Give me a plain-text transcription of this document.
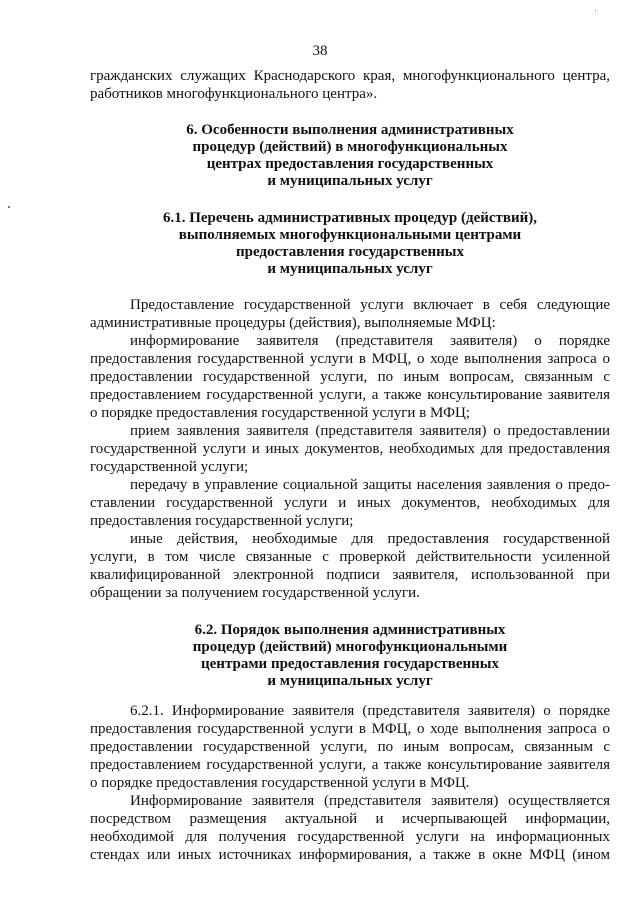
38
гражданских служащих Краснодарского края, многофункционального центра,
работников многофункционального центра».
6. Особенности выполнения административных
процедур (действий) в многофункциональных
центрах предоставления государственных
и муниципальных услуг
6.1. Перечень административных процедур (действий),
выполняемых многофункциональными центрами
предоставления государственных
и муниципальных услуг
Предоставление государственной услуги включает в себя следующие
административные процедуры (действия), выполняемые МФЦ:
информирование заявителя (представителя заявителя) о порядке
предоставления государственной услуги в МФЦ, о ходе выполнения запроса о
предоставлении государственной услуги, по иным вопросам, связанным с
предоставлением государственной услуги, а также консультирование заявителя
о порядке предоставления государственной услуги в МФЦ;
прием заявления заявителя (представителя заявителя) о предоставлении
государственной услуги и иных документов, необходимых для предоставления
государственной услуги;
передачу в управление социальной защиты населения заявления о предо-
ставлении государственной услуги и иных документов, необходимых для
предоставления государственной услуги;
иные действия, необходимые для предоставления государственной
услуги, в том числе связанные с проверкой действительности усиленной
квалифицированной электронной подписи заявителя, использованной при
обращении за получением государственной услуги.
6.2. Порядок выполнения административных
процедур (действий) многофункциональными
центрами предоставления государственных
и муниципальных услуг
6.2.1. Информирование заявителя (представителя заявителя) о порядке
предоставления государственной услуги в МФЦ, о ходе выполнения запроса о
предоставлении государственной услуги, по иным вопросам, связанным с
предоставлением государственной услуги, а также консультирование заявителя
о порядке предоставления государственной услуги в МФЦ.
Информирование заявителя (представителя заявителя) осуществляется
посредством размещения актуальной и исчерпывающей информации,
необходимой для получения государственной услуги на информационных
стендах или иных источниках информирования, а также в окне МФЦ (ином
